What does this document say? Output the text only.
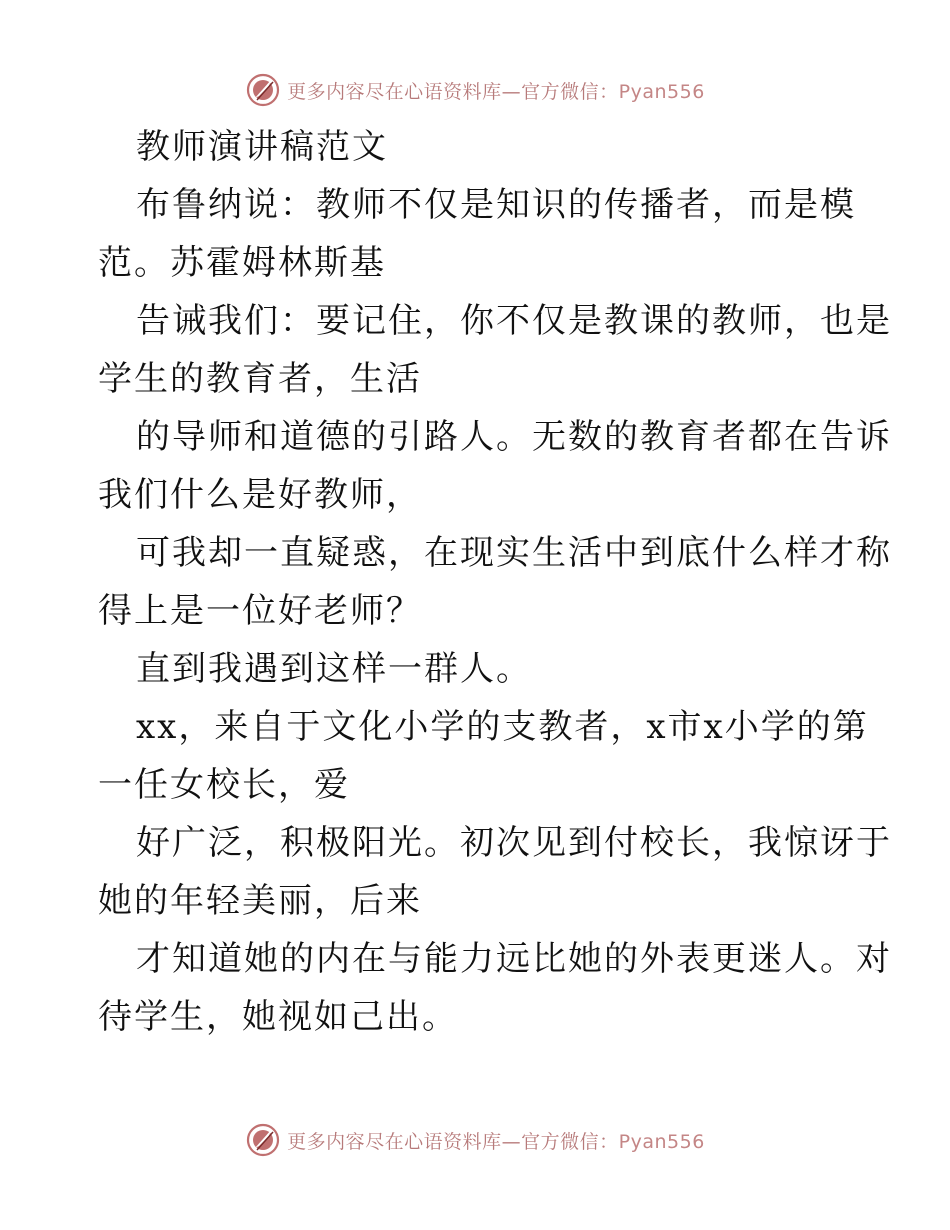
更多内容尽在心语资料库—官方微信：Pyan556

教师演讲稿范文

布鲁纳说：教师不仅是知识的传播者，而是模
范。苏霍姆林斯基

告诫我们：要记住，你不仅是教课的教师，也是
学生的教育者，生活

的导师和道德的引路人。无数的教育者都在告诉
我们什么是好教师，

可我却一直疑惑，在现实生活中到底什么样才称
得上是一位好老师？

直到我遇到这样一群人。

xx，来自于文化小学的支教者，x市x小学的第
一任女校长，爱

好广泛，积极阳光。初次见到付校长，我惊讶于
她的年轻美丽，后来

才知道她的内在与能力远比她的外表更迷人。对
待学生，她视如己出。

更多内容尽在心语资料库—官方微信：Pyan556
